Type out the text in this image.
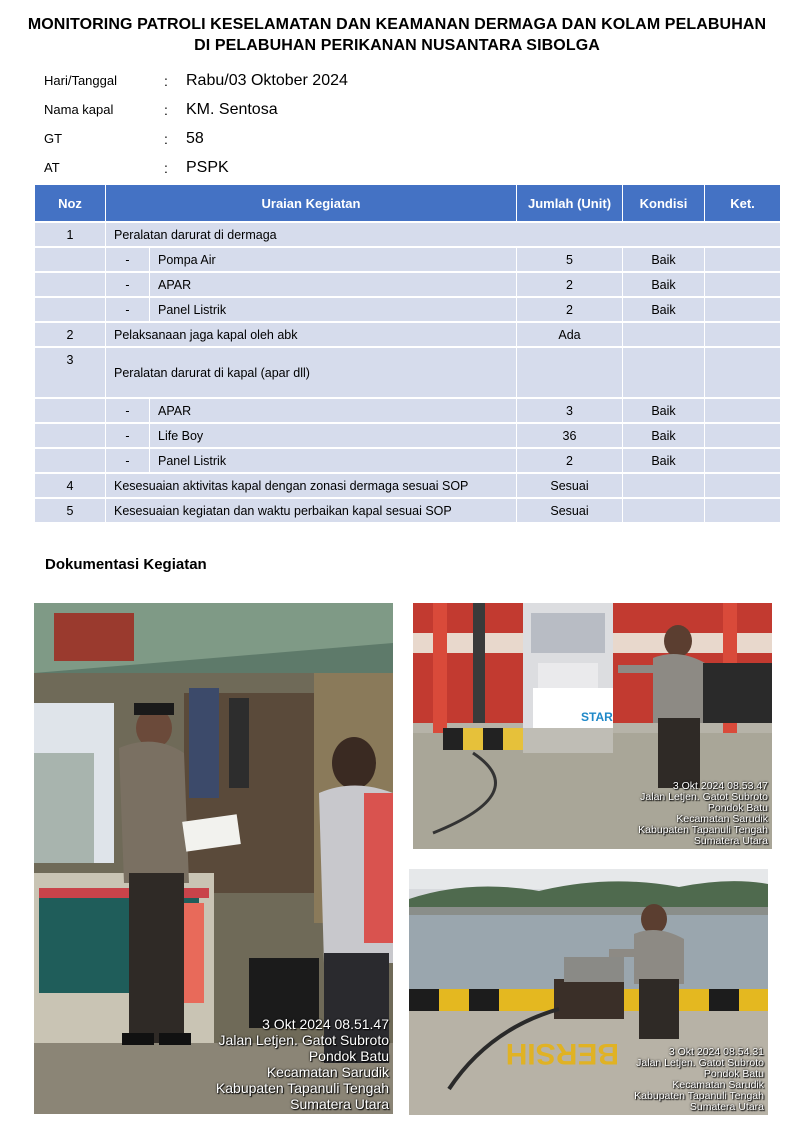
MONITORING PATROLI KESELAMATAN DAN KEAMANAN DERMAGA DAN KOLAM PELABUHAN
DI PELABUHAN PERIKANAN NUSANTARA SIBOLGA
Hari/Tanggal	:	Rabu/03 Oktober 2024
Nama kapal	:	KM. Sentosa
GT	:	58
AT	:	PSPK
Noz	Uraian Kegiatan		Jumlah (Unit)	Kondisi	Ket.
1	Peralatan darurat di dermaga				
	-	Pompa Air	5	Baik	
	-	APAR	2	Baik	
	-	Panel Listrik	2	Baik	
2	Pelaksanaan jaga kapal oleh abk		Ada		
3	Peralatan darurat di kapal (apar dll)				
	-	APAR	3	Baik	
	-	Life Boy	36	Baik	
	-	Panel Listrik	2	Baik	
4	Kesesuaian aktivitas kapal dengan zonasi dermaga sesuai SOP		Sesuai		
5	Kesesuaian kegiatan dan waktu perbaikan kapal sesuai SOP		Sesuai		
Dokumentasi Kegiatan
3 Okt 2024 08.51.47
Jalan Letjen. Gatot Subroto
Pondok Batu
Kecamatan Sarudik
Kabupaten Tapanuli Tengah
Sumatera Utara
STAR
3 Okt 2024 08.53.47
Jalan Letjen. Gatot Subroto
Pondok Batu
Kecamatan Sarudik
Kabupaten Tapanuli Tengah
Sumatera Utara
BERSIH	3 Okt 2024 08.54.31
Jalan Letjen. Gatot Subroto
Pondok Batu
Kecamatan Sarudik
Kabupaten Tapanuli Tengah
Sumatera Utara
